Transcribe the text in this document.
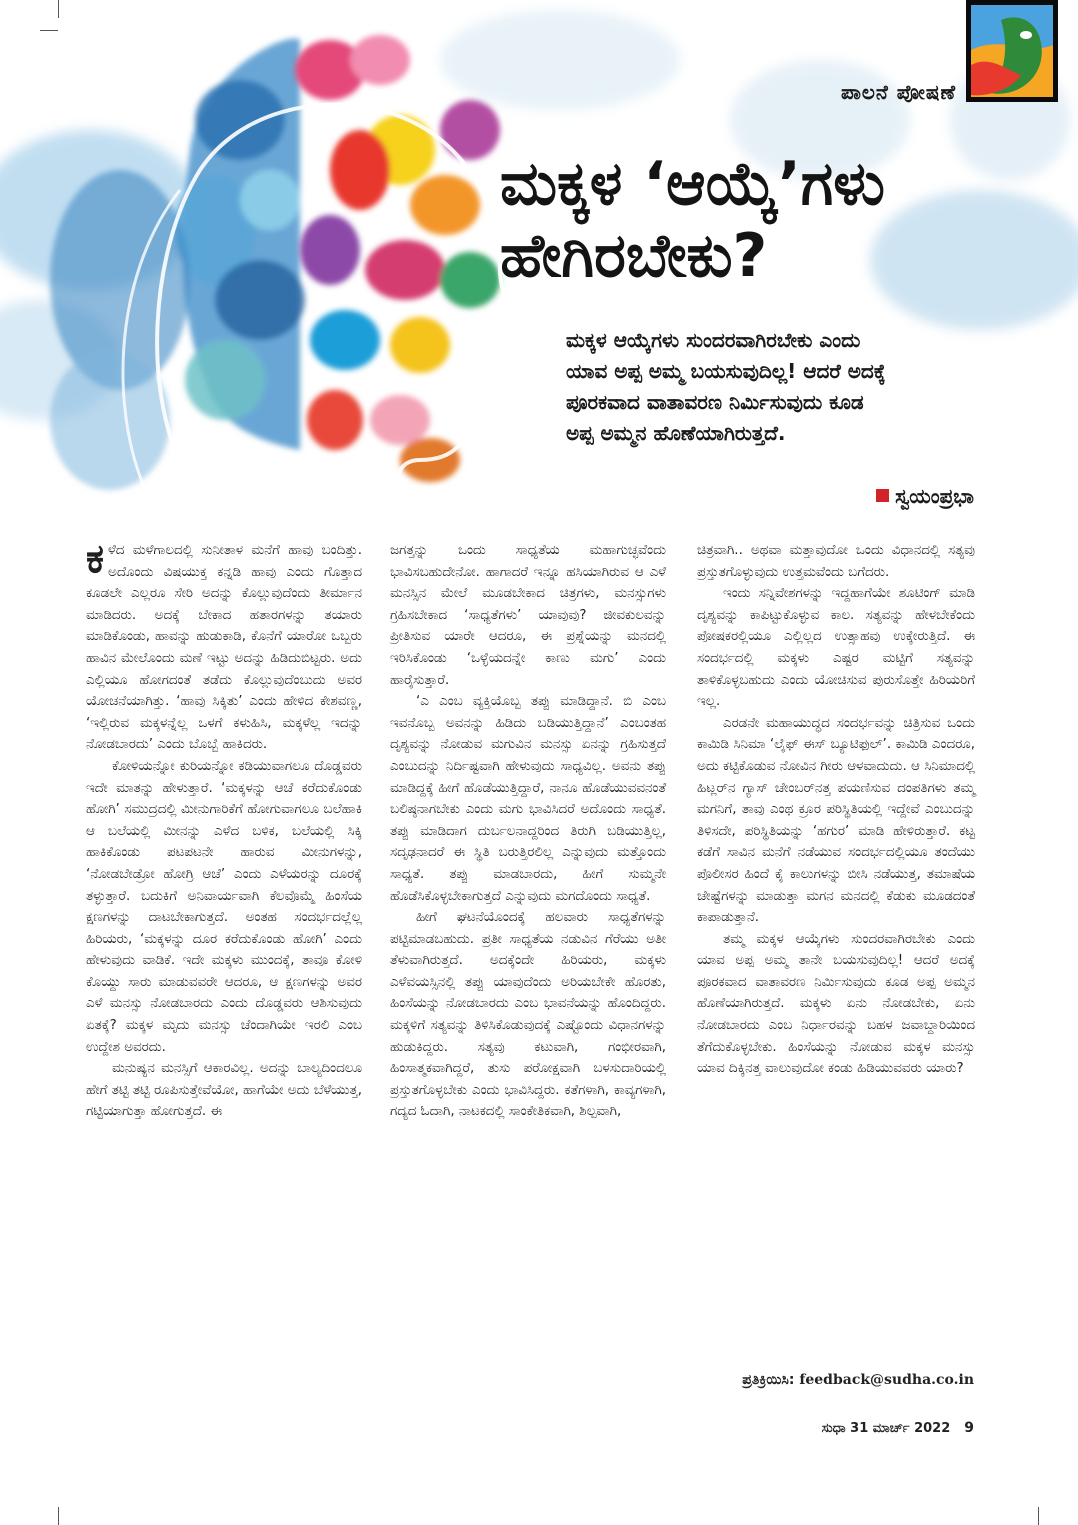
ಪಾಲನೆ ಪೋಷಣೆ
ಮಕ್ಕಳ ‘ಆಯ್ಕೆ’ಗಳು
ಹೇಗಿರಬೇಕು?
ಮಕ್ಕಳ ಆಯ್ಕೆಗಳು ಸುಂದರವಾಗಿರಬೇಕು ಎಂದು
ಯಾವ ಅಪ್ಪ ಅಮ್ಮ ಬಯಸುವುದಿಲ್ಲ! ಆದರೆ ಅದಕ್ಕೆ
ಪೂರಕವಾದ ವಾತಾವರಣ ನಿರ್ಮಿಸುವುದು ಕೂಡ
ಅಪ್ಪ ಅಮ್ಮನ ಹೊಣೆಯಾಗಿರುತ್ತದೆ.
ಸ್ವಯಂಪ್ರಭಾ

ಕಳೆದ ಮಳೆಗಾಲದಲ್ಲಿ ಸುನೀತಾಳ ಮನೆಗೆ ಹಾವು ಬಂದಿತ್ತು. ಅದೊಂದು ವಿಷಯುಕ್ತ ಕನ್ನಡಿ ಹಾವು ಎಂದು ಗೊತ್ತಾದ ಕೂಡಲೇ ಎಲ್ಲರೂ ಸೇರಿ ಅದನ್ನು ಕೊಲ್ಲುವುದೆಂದು ತೀರ್ಮಾನ ಮಾಡಿದರು. ಅದಕ್ಕೆ ಬೇಕಾದ ಹತಾರಗಳನ್ನು ತಯಾರು ಮಾಡಿಕೊಂಡು, ಹಾವನ್ನು ಹುಡುಕಾಡಿ, ಕೊನೆಗೆ ಯಾರೋ ಒಬ್ಬರು ಹಾವಿನ ಮೇಲೊಂದು ಮಣೆ ಇಟ್ಟು ಅದನ್ನು ಹಿಡಿದುಬಿಟ್ಟರು. ಅದು ಎಲ್ಲಿಯೂ ಹೋಗದಂತೆ ತಡೆದು ಕೊಲ್ಲುವುದೆಂಬುದು ಅವರ ಯೋಚನೆಯಾಗಿತ್ತು. ‘ಹಾವು ಸಿಕ್ಕಿತು’ ಎಂದು ಹೇಳಿದ ಕೇಶವಣ್ಣ, ‘ಇಲ್ಲಿರುವ ಮಕ್ಕಳನ್ನೆಲ್ಲ ಒಳಗೆ ಕಳುಹಿಸಿ, ಮಕ್ಕಳೆಲ್ಲ ಇದನ್ನು ನೋಡಬಾರದು’ ಎಂದು ಬೊಬ್ಬೆ ಹಾಕಿದರು.

ಕೋಳಿಯನ್ನೋ ಕುರಿಯನ್ನೋ ಕಡಿಯುವಾಗಲೂ ದೊಡ್ಡವರು ಇದೇ ಮಾತನ್ನು ಹೇಳುತ್ತಾರೆ. ‘ಮಕ್ಕಳನ್ನು ಆಚೆ ಕರೆದುಕೊಂಡು ಹೋಗಿ’ ಸಮುದ್ರದಲ್ಲಿ ಮೀನುಗಾರಿಕೆಗೆ ಹೋಗುವಾಗಲೂ ಬಲೆಹಾಕಿ ಆ ಬಲೆಯಲ್ಲಿ ಮೀನನ್ನು ಎಳೆದ ಬಳಿಕ, ಬಲೆಯಲ್ಲಿ ಸಿಕ್ಕಿ ಹಾಕಿಕೊಂಡು ಪಟಪಟನೇ ಹಾರುವ ಮೀನುಗಳನ್ನು, ‘ನೋಡಬೇಡ್ರೋ ಹೋಗ್ರಿ ಆಚೆ’ ಎಂದು ಎಳೆಯರನ್ನು ದೂರಕ್ಕೆ ತಳ್ಳುತ್ತಾರೆ. ಬದುಕಿಗೆ ಅನಿವಾರ್ಯವಾಗಿ ಕೆಲವೊಮ್ಮೆ ಹಿಂಸೆಯ ಕ್ಷಣಗಳನ್ನು ದಾಟಬೇಕಾಗುತ್ತದೆ. ಅಂತಹ ಸಂದರ್ಭದಲ್ಲೆಲ್ಲ ಹಿರಿಯರು, ‘ಮಕ್ಕಳನ್ನು ದೂರ ಕರೆದುಕೊಂಡು ಹೋಗಿ’ ಎಂದು ಹೇಳುವುದು ವಾಡಿಕೆ. ಇದೇ ಮಕ್ಕಳು ಮುಂದಕ್ಕೆ, ತಾವೂ ಕೋಳಿ ಕೊಯ್ದು ಸಾರು ಮಾಡುವವರೇ ಆದರೂ, ಆ ಕ್ಷಣಗಳನ್ನು ಅವರ ಎಳೆ ಮನಸ್ಸು ನೋಡಬಾರದು ಎಂದು ದೊಡ್ಡವರು ಆಶಿಸುವುದು ಏತಕ್ಕೆ? ಮಕ್ಕಳ ಮೃದು ಮನಸ್ಸು ಚೆಂದಾಗಿಯೇ ಇರಲಿ ಎಂಬ ಉದ್ದೇಶ ಅವರದು.

ಮನುಷ್ಯನ ಮನಸ್ಸಿಗೆ ಆಕಾರವಿಲ್ಲ. ಅದನ್ನು ಬಾಲ್ಯದಿಂದಲೂ ಹೇಗೆ ತಟ್ಟಿ ತಟ್ಟಿ ರೂಪಿಸುತ್ತೇವೆಯೋ, ಹಾಗೆಯೇ ಅದು ಬೆಳೆಯುತ್ತ, ಗಟ್ಟಿಯಾಗುತ್ತಾ ಹೋಗುತ್ತದೆ. ಈ

ಜಗತ್ತನ್ನು ಒಂದು ಸಾಧ್ಯತೆಯ ಮಹಾಗುಚ್ಛವೆಂದು ಭಾವಿಸಬಹುದೇನೋ. ಹಾಗಾದರೆ ಇನ್ನೂ ಹಸಿಯಾಗಿರುವ ಆ ಎಳೆ ಮನಸ್ಸಿನ ಮೇಲೆ ಮೂಡಬೇಕಾದ ಚಿತ್ರಗಳು, ಮನಸ್ಸುಗಳು ಗ್ರಹಿಸಬೇಕಾದ ‘ಸಾಧ್ಯತೆಗಳು’ ಯಾವುವು? ಜೀವಕುಲವನ್ನು ಪ್ರೀತಿಸುವ ಯಾರೇ ಆದರೂ, ಈ ಪ್ರಶ್ನೆಯನ್ನು ಮನದಲ್ಲಿ ಇರಿಸಿಕೊಂಡು ‘ಒಳ್ಳೆಯದನ್ನೇ ಕಾಣು ಮಗು’ ಎಂದು ಹಾರೈಸುತ್ತಾರೆ.

‘ಎ ಎಂಬ ವ್ಯಕ್ತಿಯೊಬ್ಬ ತಪ್ಪು ಮಾಡಿದ್ದಾನೆ. ಬಿ ಎಂಬ ಇವನೊಬ್ಬ ಅವನನ್ನು ಹಿಡಿದು ಬಡಿಯುತ್ತಿದ್ದಾನೆ’ ಎಂಬಂತಹ ದೃಶ್ಯವನ್ನು ನೋಡುವ ಮಗುವಿನ ಮನಸ್ಸು ಏನನ್ನು ಗ್ರಹಿಸುತ್ತದೆ ಎಂಬುದನ್ನು ನಿರ್ದಿಷ್ಟವಾಗಿ ಹೇಳುವುದು ಸಾಧ್ಯವಿಲ್ಲ. ಅವನು ತಪ್ಪು ಮಾಡಿದ್ದಕ್ಕೆ ಹೀಗೆ ಹೊಡೆಯುತ್ತಿದ್ದಾರೆ, ನಾನೂ ಹೊಡೆಯುವವನಂತೆ ಬಲಿಷ್ಠನಾಗಬೇಕು ಎಂದು ಮಗು ಭಾವಿಸಿದರೆ ಅದೊಂದು ಸಾಧ್ಯತೆ. ತಪ್ಪು ಮಾಡಿದಾಗ ದುರ್ಬಲನಾದ್ದರಿಂದ ತಿರುಗಿ ಬಡಿಯುತ್ತಿಲ್ಲ, ಸದೃಢನಾದರೆ ಈ ಸ್ಥಿತಿ ಬರುತ್ತಿರಲಿಲ್ಲ ಎನ್ನುವುದು ಮತ್ತೊಂದು ಸಾಧ್ಯತೆ. ತಪ್ಪು ಮಾಡಬಾರದು, ಹೀಗೆ ಸುಮ್ಮನೇ ಹೊಡೆಸಿಕೊಳ್ಳಬೇಕಾಗುತ್ತದೆ ಎನ್ನುವುದು ಮಗದೊಂದು ಸಾಧ್ಯತೆ.

ಹೀಗೆ ಘಟನೆಯೊಂದಕ್ಕೆ ಹಲವಾರು ಸಾಧ್ಯತೆಗಳನ್ನು ಪಟ್ಟಿಮಾಡಬಹುದು. ಪ್ರತೀ ಸಾಧ್ಯತೆಯ ನಡುವಿನ ಗೆರೆಯು ಅತೀ ತೆಳುವಾಗಿರುತ್ತದೆ. ಅದಕ್ಕೆಂದೇ ಹಿರಿಯರು, ಮಕ್ಕಳು ಎಳೆವಯಸ್ಸಿನಲ್ಲಿ ತಪ್ಪು ಯಾವುದೆಂದು ಅರಿಯಬೇಕೇ ಹೊರತು, ಹಿಂಸೆಯನ್ನು ನೋಡಬಾರದು ಎಂಬ ಭಾವನೆಯನ್ನು ಹೊಂದಿದ್ದರು. ಮಕ್ಕಳಿಗೆ ಸತ್ಯವನ್ನು ತಿಳಿಸಿಕೊಡುವುದಕ್ಕೆ ಎಷ್ಟೊಂದು ವಿಧಾನಗಳನ್ನು ಹುಡುಕಿದ್ದರು. ಸತ್ಯವು ಕಟುವಾಗಿ, ಗಂಭೀರವಾಗಿ, ಹಿಂಸಾತ್ಮಕವಾಗಿದ್ದರೆ, ತುಸು ಪರೋಕ್ಷವಾಗಿ ಬಳಸುದಾರಿಯಲ್ಲಿ ಪ್ರಸ್ತುತಗೊಳ್ಳಬೇಕು ಎಂದು ಭಾವಿಸಿದ್ದರು. ಕತೆಗಳಾಗಿ, ಕಾವ್ಯಗಳಾಗಿ, ಗದ್ಯದ ಓದಾಗಿ, ನಾಟಕದಲ್ಲಿ ಸಾಂಕೇತಿಕವಾಗಿ, ಶಿಲ್ಪವಾಗಿ,

ಚಿತ್ರವಾಗಿ.. ಅಥವಾ ಮತ್ತಾವುದೋ ಒಂದು ವಿಧಾನದಲ್ಲಿ ಸತ್ಯವು ಪ್ರಸ್ತುತಗೊಳ್ಳುವುದು ಉತ್ತಮವೆಂದು ಬಗೆದರು.

ಇಂದು ಸನ್ನಿವೇಶಗಳನ್ನು ಇದ್ದಹಾಗೆಯೇ ಶೂಟಿಂಗ್ ಮಾಡಿ ದೃಶ್ಯವನ್ನು ಕಾಪಿಟ್ಟುಕೊಳ್ಳುವ ಕಾಲ. ಸತ್ಯವನ್ನು ಹೇಳಬೇಕೆಂದು ಪೋಷಕರಲ್ಲಿಯೂ ಎಲ್ಲಿಲ್ಲದ ಉತ್ಸಾಹವು ಉಕ್ಕೇರುತ್ತಿದೆ. ಈ ಸಂದರ್ಭದಲ್ಲಿ ಮಕ್ಕಳು ಎಷ್ಟರ ಮಟ್ಟಿಗೆ ಸತ್ಯವನ್ನು ತಾಳಿಕೊಳ್ಳಬಹುದು ಎಂದು ಯೋಚಿಸುವ ಪುರುಸೊತ್ತೇ ಹಿರಿಯರಿಗೆ ಇಲ್ಲ.

ಎರಡನೇ ಮಹಾಯುದ್ಧದ ಸಂದರ್ಭವನ್ನು ಚಿತ್ರಿಸುವ ಒಂದು ಕಾಮಿಡಿ ಸಿನಿಮಾ ‘ಲೈಫ್ ಈಸ್ ಬ್ಯೂಟಿಫುಲ್’. ಕಾಮಿಡಿ ಎಂದರೂ, ಅದು ಕಟ್ಟಿಕೊಡುವ ನೋವಿನ ಗೀರು ಆಳವಾದುದು. ಆ ಸಿನಿಮಾದಲ್ಲಿ ಹಿಟ್ಲರ್‌ನ ಗ್ಯಾಸ್ ಚೇಂಬರ್‌ನತ್ತ ಪಯಣಿಸುವ ದಂಪತಿಗಳು ತಮ್ಮ ಮಗನಿಗೆ, ತಾವು ಎಂಥ ಕ್ರೂರ ಪರಿಸ್ಥಿತಿಯಲ್ಲಿ ಇದ್ದೇವೆ ಎಂಬುದನ್ನು ತಿಳಿಸದೇ, ಪರಿಸ್ಥಿತಿಯನ್ನು ‘ಹಗುರ’ ಮಾಡಿ ಹೇಳಿರುತ್ತಾರೆ. ಕಟ್ಟ ಕಡೆಗೆ ಸಾವಿನ ಮನೆಗೆ ನಡೆಯುವ ಸಂದರ್ಭದಲ್ಲಿಯೂ ತಂದೆಯು ಪೊಲೀಸರ ಹಿಂದೆ ಕೈ ಕಾಲುಗಳನ್ನು ಬೀಸಿ ನಡೆಯುತ್ತ, ತಮಾಷೆಯ ಚೇಷ್ಟೆಗಳನ್ನು ಮಾಡುತ್ತಾ ಮಗನ ಮನದಲ್ಲಿ ಕೆಡುಕು ಮೂಡದಂತೆ ಕಾಪಾಡುತ್ತಾನೆ.

ತಮ್ಮ ಮಕ್ಕಳ ಆಯ್ಕೆಗಳು ಸುಂದರವಾಗಿರಬೇಕು ಎಂದು ಯಾವ ಅಪ್ಪ ಅಮ್ಮ ತಾನೇ ಬಯಸುವುದಿಲ್ಲ! ಆದರೆ ಅದಕ್ಕೆ ಪೂರಕವಾದ ವಾತಾವರಣ ನಿರ್ಮಿಸುವುದು ಕೂಡ ಅಪ್ಪ ಅಮ್ಮನ ಹೊಣೆಯಾಗಿರುತ್ತದೆ. ಮಕ್ಕಳು ಏನು ನೋಡಬೇಕು, ಏನು ನೋಡಬಾರದು ಎಂಬ ನಿರ್ಧಾರವನ್ನು ಬಹಳ ಜವಾಬ್ದಾರಿಯಿಂದ ತೆಗೆದುಕೊಳ್ಳಬೇಕು. ಹಿಂಸೆಯನ್ನು ನೋಡುವ ಮಕ್ಕಳ ಮನಸ್ಸು ಯಾವ ದಿಕ್ಕಿನತ್ತ ವಾಲುವುದೋ ಕಂಡು ಹಿಡಿಯುವವರು ಯಾರು?

ಪ್ರತಿಕ್ರಿಯಿಸಿ: feedback@sudha.co.in
ಸುಧಾ 31 ಮಾರ್ಚ್ 2022 9
